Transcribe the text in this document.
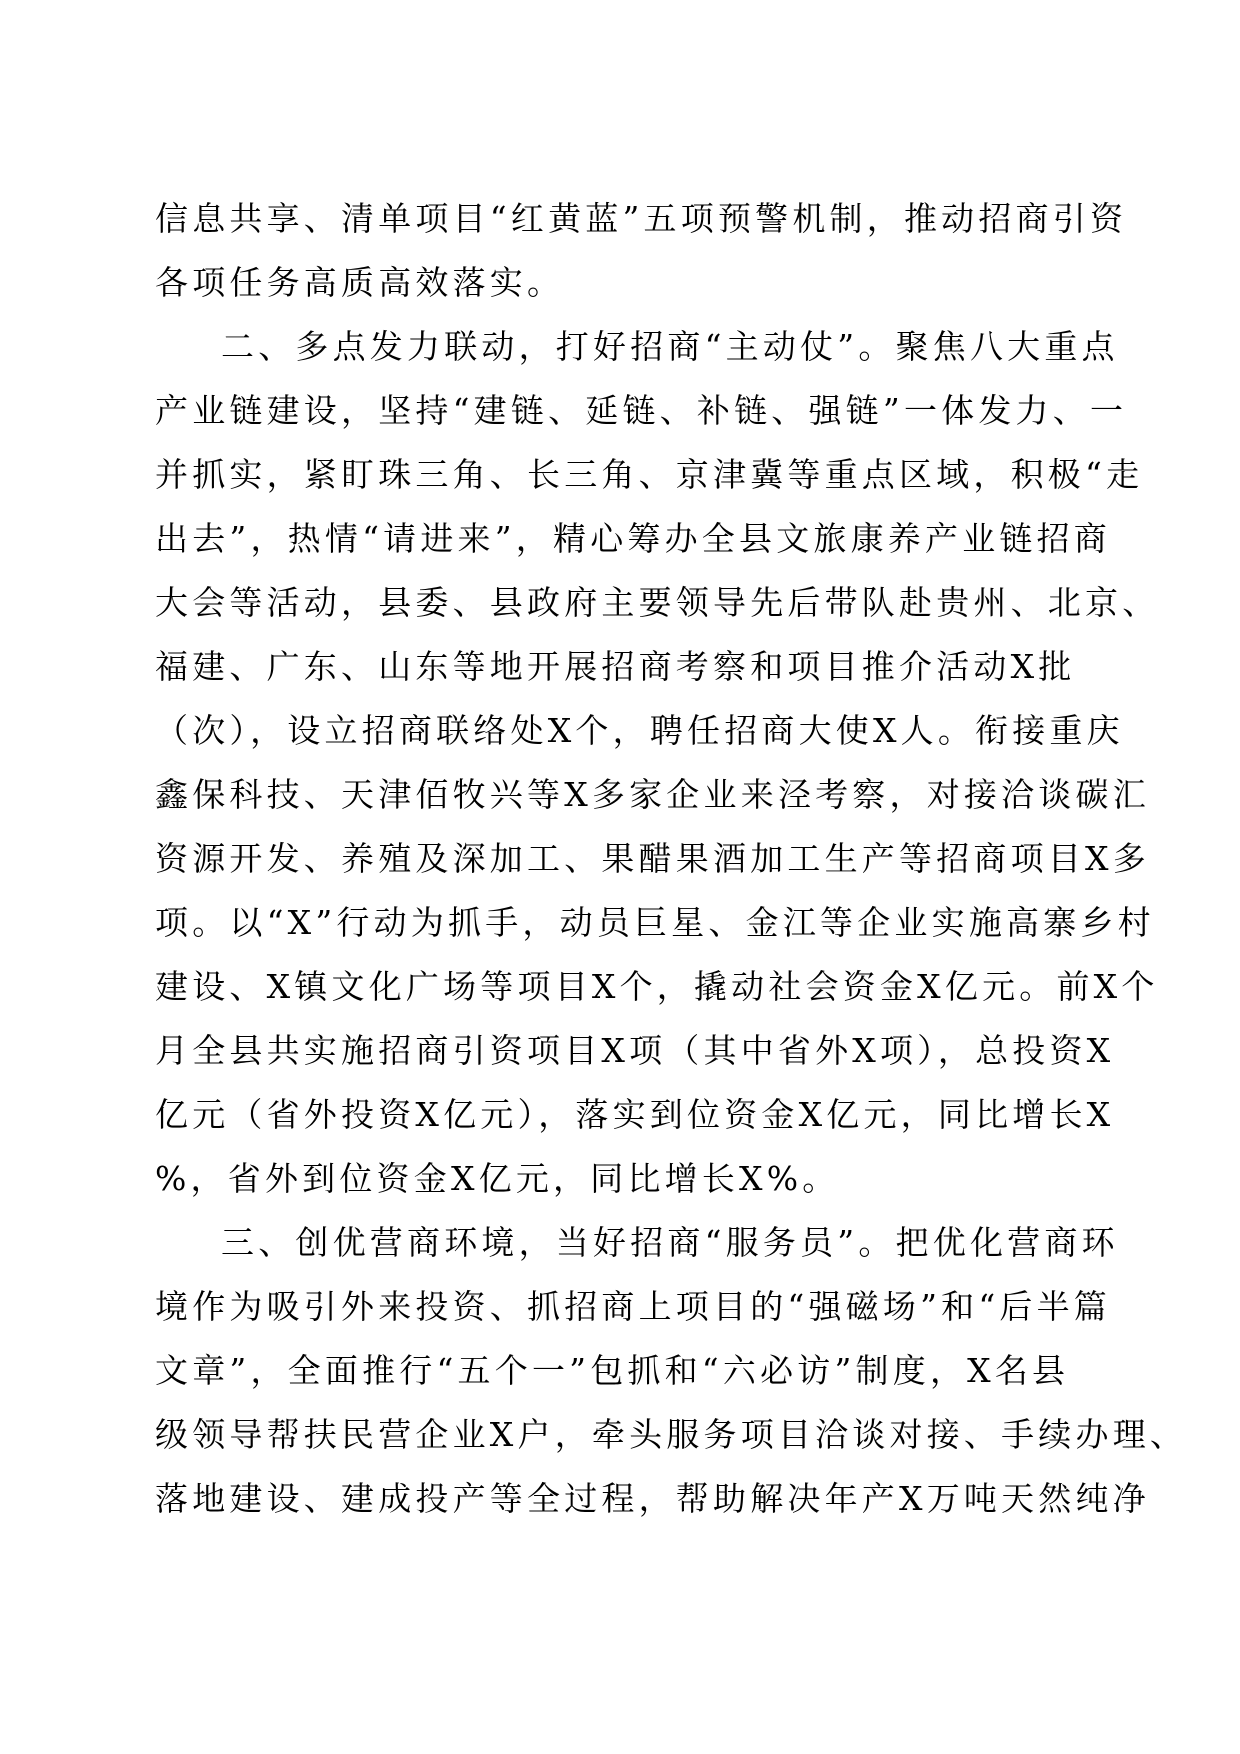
信息共享、清单项目“红黄蓝”五项预警机制，推动招商引资
各项任务高质高效落实。
二、多点发力联动，打好招商“主动仗”。聚焦八大重点
产业链建设，坚持“建链、延链、补链、强链”一体发力、一
并抓实，紧盯珠三角、长三角、京津冀等重点区域，积极“走
出去”，热情“请进来”，精心筹办全县文旅康养产业链招商
大会等活动，县委、县政府主要领导先后带队赴贵州、北京、
福建、广东、山东等地开展招商考察和项目推介活动X批
（次），设立招商联络处X个，聘任招商大使X人。衔接重庆
鑫保科技、天津佰牧兴等X多家企业来泾考察，对接洽谈碳汇
资源开发、养殖及深加工、果醋果酒加工生产等招商项目X多
项。以“X”行动为抓手，动员巨星、金江等企业实施高寨乡村
建设、X镇文化广场等项目X个，撬动社会资金X亿元。前X个
月全县共实施招商引资项目X项（其中省外X项），总投资X
亿元（省外投资X亿元），落实到位资金X亿元，同比增长X
%，省外到位资金X亿元，同比增长X%。
三、创优营商环境，当好招商“服务员”。把优化营商环
境作为吸引外来投资、抓招商上项目的“强磁场”和“后半篇
文章”，全面推行“五个一”包抓和“六必访”制度，X名县
级领导帮扶民营企业X户，牵头服务项目洽谈对接、手续办理、
落地建设、建成投产等全过程，帮助解决年产X万吨天然纯净
